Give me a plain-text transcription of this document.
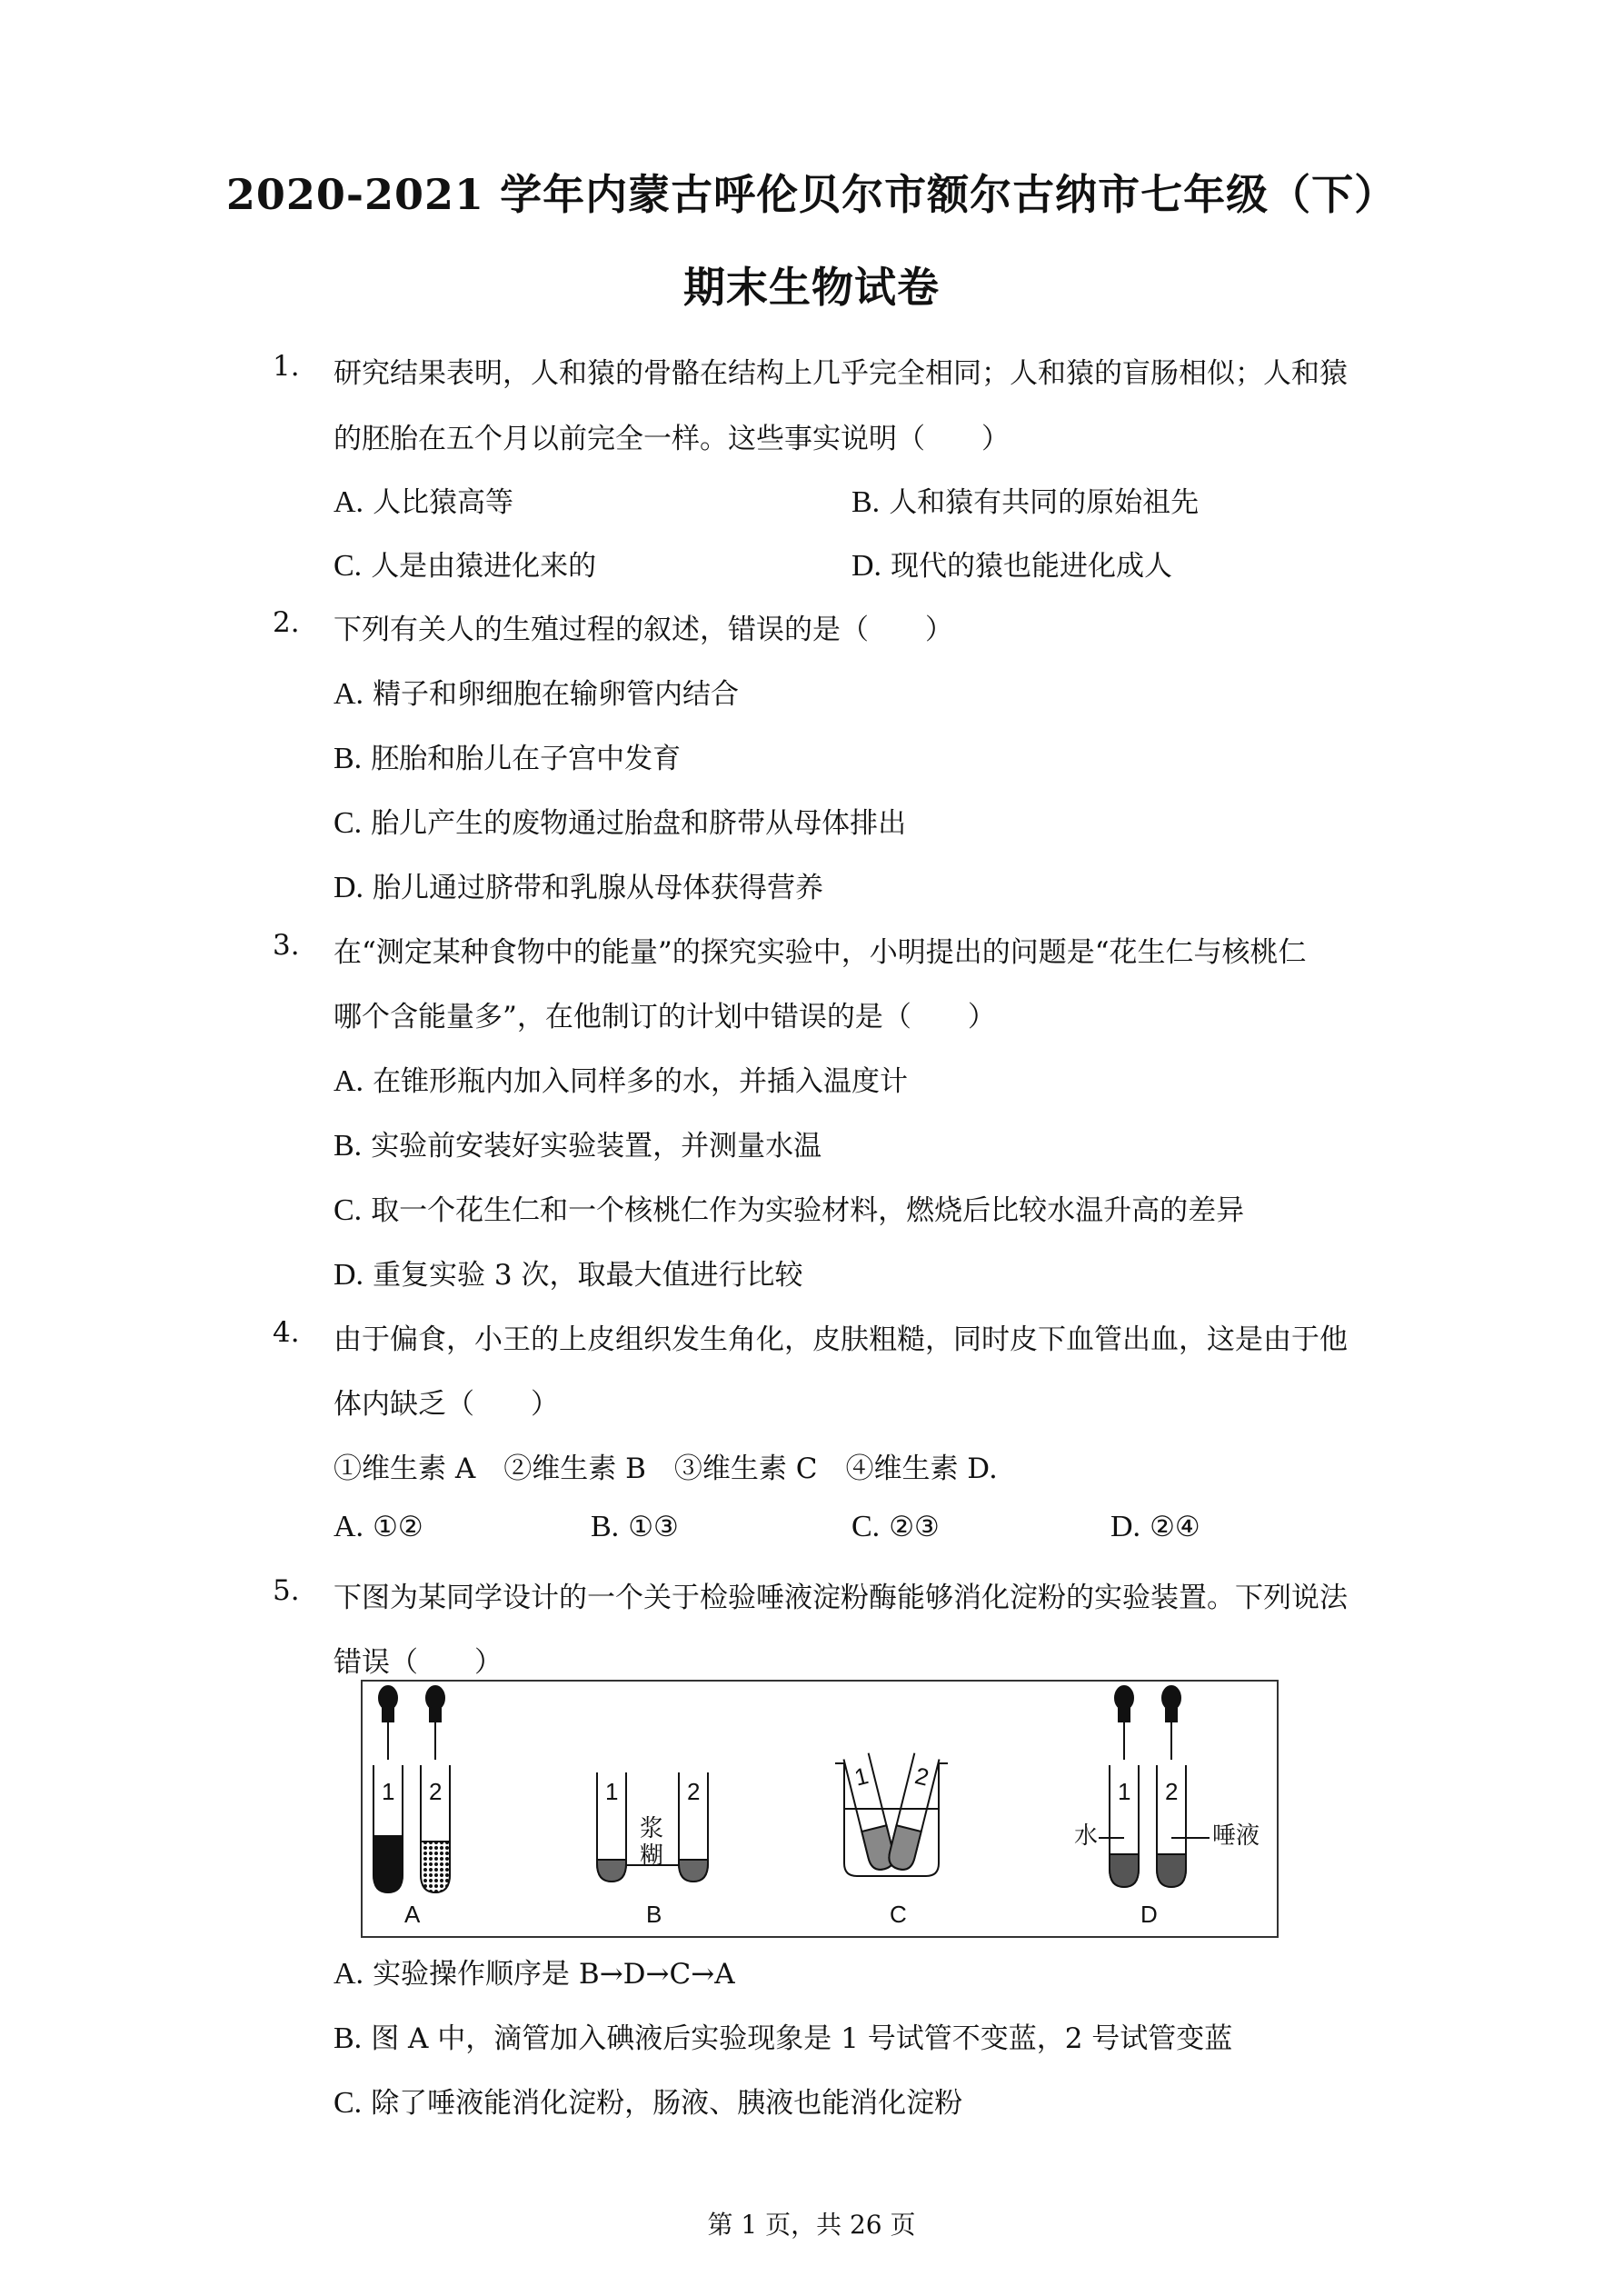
2020-2021 学年内蒙古呼伦贝尔市额尔古纳市七年级（下）
期末生物试卷
1. 研究结果表明，人和猿的骨骼在结构上几乎完全相同；人和猿的盲肠相似；人和猿
的胚胎在五个月以前完全一样。这些事实说明（　　）
A. 人比猿高等	B. 人和猿有共同的原始祖先
C. 人是由猿进化来的	D. 现代的猿也能进化成人
2. 下列有关人的生殖过程的叙述，错误的是（　　）
A. 精子和卵细胞在输卵管内结合
B. 胚胎和胎儿在子宫中发育
C. 胎儿产生的废物通过胎盘和脐带从母体排出
D. 胎儿通过脐带和乳腺从母体获得营养
3. 在“测定某种食物中的能量”的探究实验中，小明提出的问题是“花生仁与核桃仁
哪个含能量多”，在他制订的计划中错误的是（　　）
A. 在锥形瓶内加入同样多的水，并插入温度计
B. 实验前安装好实验装置，并测量水温
C. 取一个花生仁和一个核桃仁作为实验材料，燃烧后比较水温升高的差异
D. 重复实验 3 次，取最大值进行比较
4. 由于偏食，小王的上皮组织发生角化，皮肤粗糙，同时皮下血管出血，这是由于他
体内缺乏（　　）
①维生素 A　②维生素 B　③维生素 C　④维生素 D.
A. ①②	B. ①③	C. ②③	D. ②④
5. 下图为某同学设计的一个关于检验唾液淀粉酶能够消化淀粉的实验装置。下列说法
错误（　　）
1 2
A
1	2
浆
糊
B
1 2
C
1 2
水	唾液
D
A. 实验操作顺序是 B→D→C→A
B. 图 A 中，滴管加入碘液后实验现象是 1 号试管不变蓝，2 号试管变蓝
C. 除了唾液能消化淀粉，肠液、胰液也能消化淀粉
第 1 页，共 26 页
